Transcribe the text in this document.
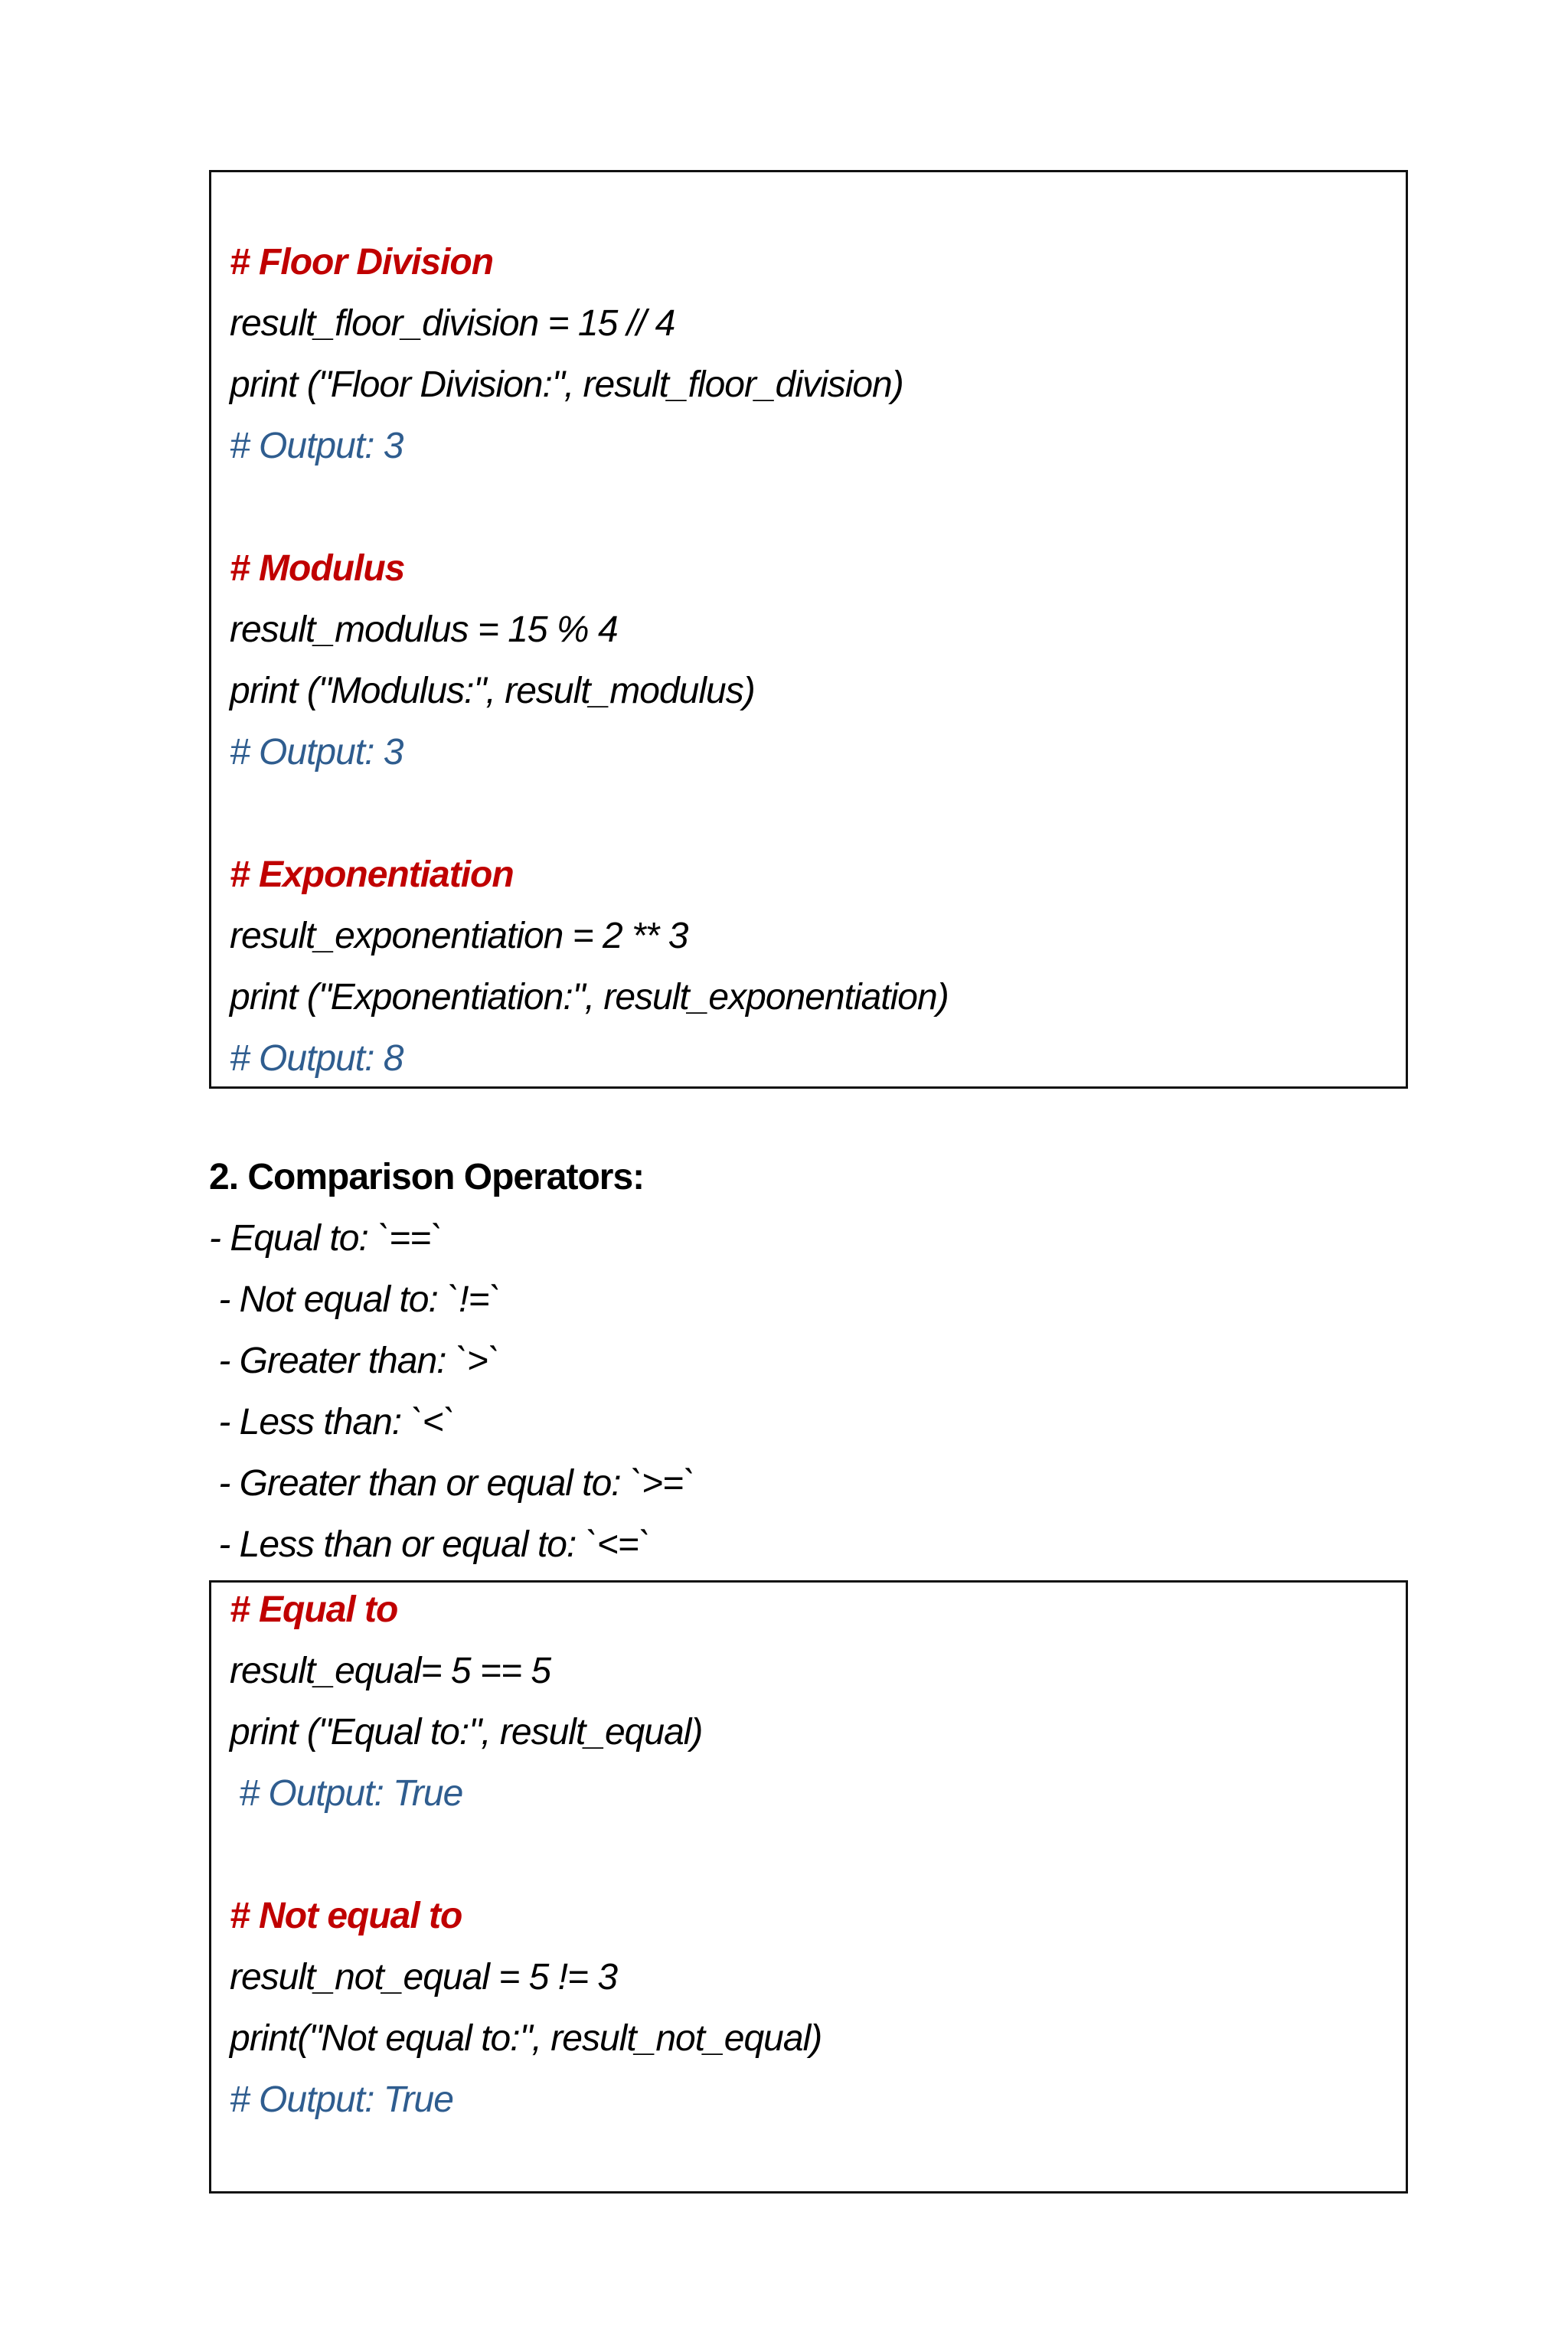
# Floor Division
result_floor_division = 15 // 4
print ("Floor Division:", result_floor_division)
# Output: 3
# Modulus
result_modulus = 15 % 4
print ("Modulus:", result_modulus)
# Output: 3
# Exponentiation
result_exponentiation = 2 ** 3
print ("Exponentiation:", result_exponentiation)
# Output: 8
2. Comparison Operators:
- Equal to: `==`
- Not equal to: `!=`
- Greater than: `>`
- Less than: `<`
- Greater than or equal to: `>=`
- Less than or equal to: `<=`
# Equal to
result_equal= 5 == 5
print ("Equal to:", result_equal)
# Output: True
# Not equal to
result_not_equal = 5 != 3
print("Not equal to:", result_not_equal)
# Output: True
